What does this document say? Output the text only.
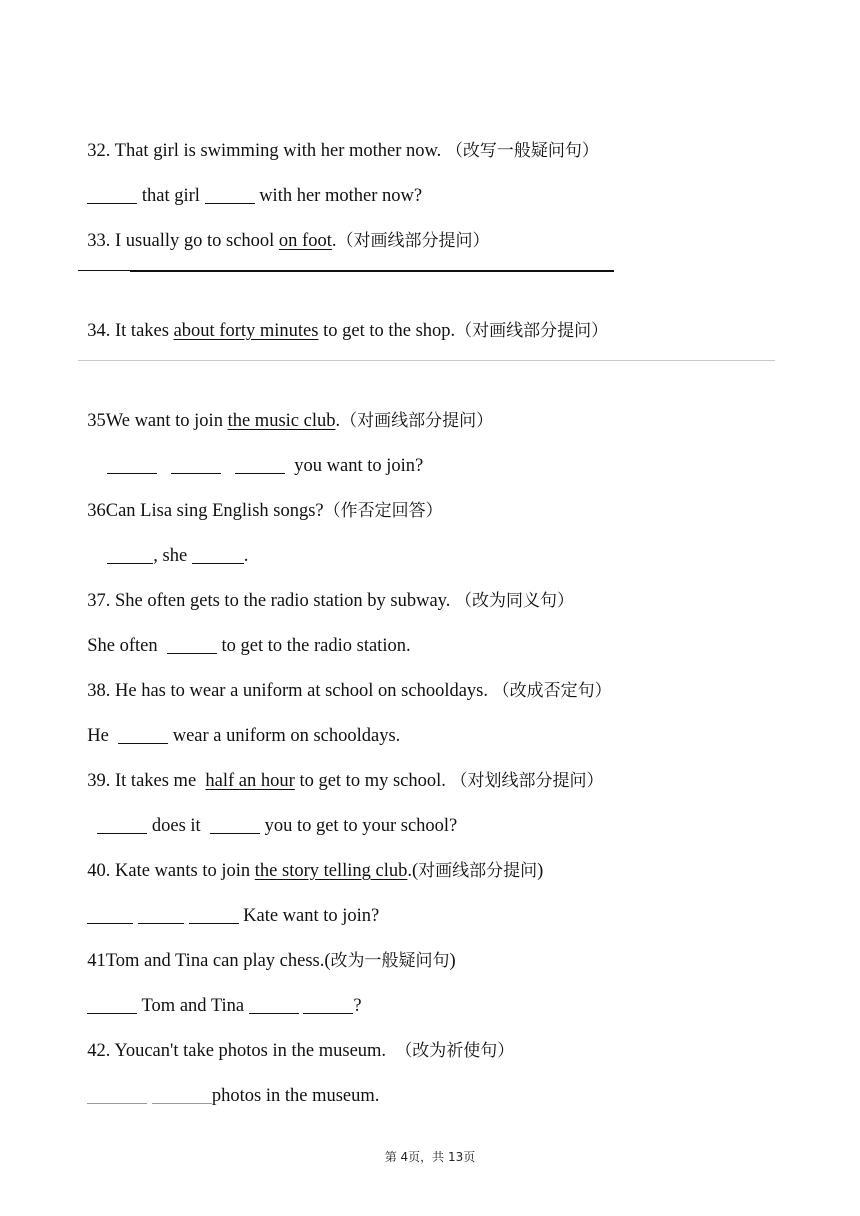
32. That girl is swimming with her mother now. （改写一般疑问句）

that girl	with her mother now?

33. I usually go to school on foot.（对画线部分提问）

34. It takes about forty minutes to get to the shop.（对画线部分提问）

35We want to join the music club.（对画线部分提问）

you want to join?

36Can Lisa sing English songs?（作否定回答）

, she	.

37. She often gets to the radio station by subway. （改为同义句）

She often	to get to the radio station.

38. He has to wear a uniform at school on schooldays. （改成否定句）

He	wear a uniform on schooldays.

39. It takes me  half an hour to get to my school. （对划线部分提问）

does it	you to get to your school?

40. Kate wants to join the story telling club.(对画线部分提问)

Kate want to join?

41Tom and Tina can play chess.(改为一般疑问句)

Tom and Tina	?

42. Youcan't take photos in the museum.  （改为祈使句）

photos in the museum.

第 4页，共 13页
